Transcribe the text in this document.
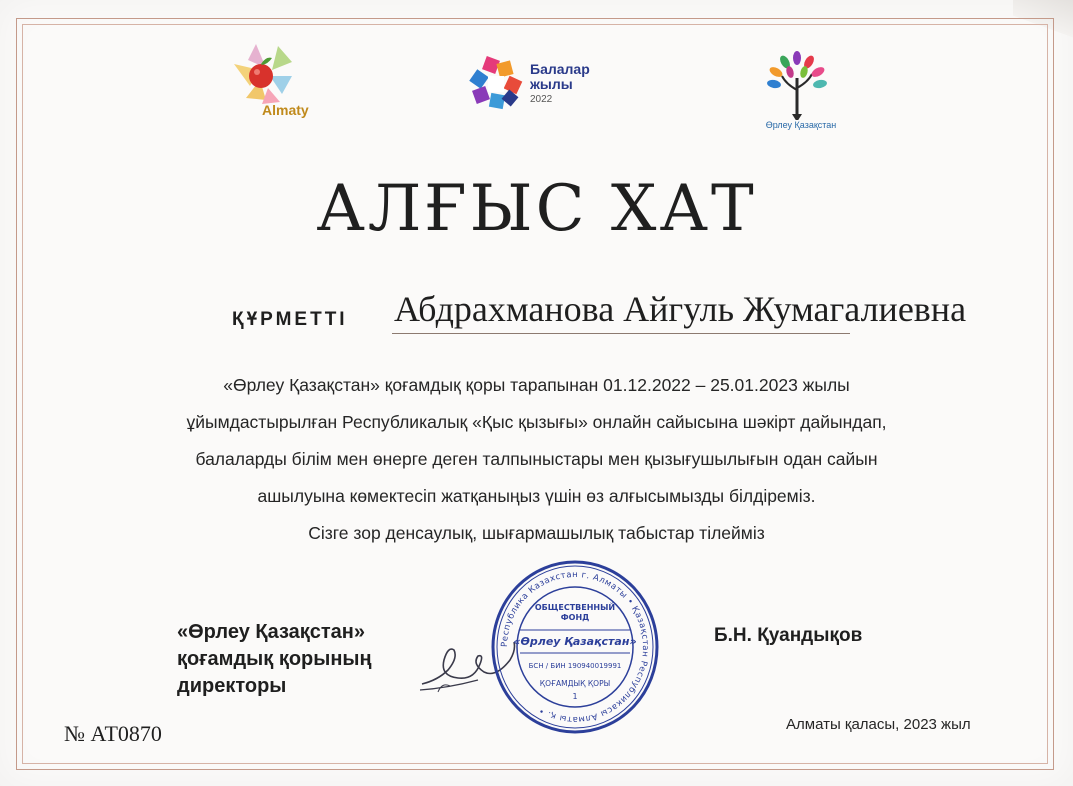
Almaty
Балалар
жылы
2022
Өрлеу Қазақстан
АЛҒЫС ХАТ
ҚҰРМЕТТІ Абдрахманова Айгуль Жумагалиевна
«Өрлеу Қазақстан» қоғамдық қоры тарапынан 01.12.2022 – 25.01.2023 жылы
ұйымдастырылған Республикалық «Қыс қызығы» онлайн сайысына шәкірт дайындап,
балаларды білім мен өнерге деген талпыныстары мен қызығушылығын одан сайын
ашылуына көмектесіп жатқаныңыз үшін өз алғысымызды білдіреміз.
Сізге зор денсаулық, шығармашылық табыстар тілейміз
«Өрлеу Қазақстан»
қоғамдық қорының
директоры
Республика Казахстан г. Алматы • Қазақстан Республикасы Алматы қ. •
ОБЩЕСТВЕННЫЙ
ФОНД
«Өрлеу Қазақстан»
БСН / БИН 190940019991
ҚОҒАМДЫҚ ҚОРЫ
1
Б.Н. Қуандықов
Алматы қаласы, 2023 жыл
№ АТ0870
